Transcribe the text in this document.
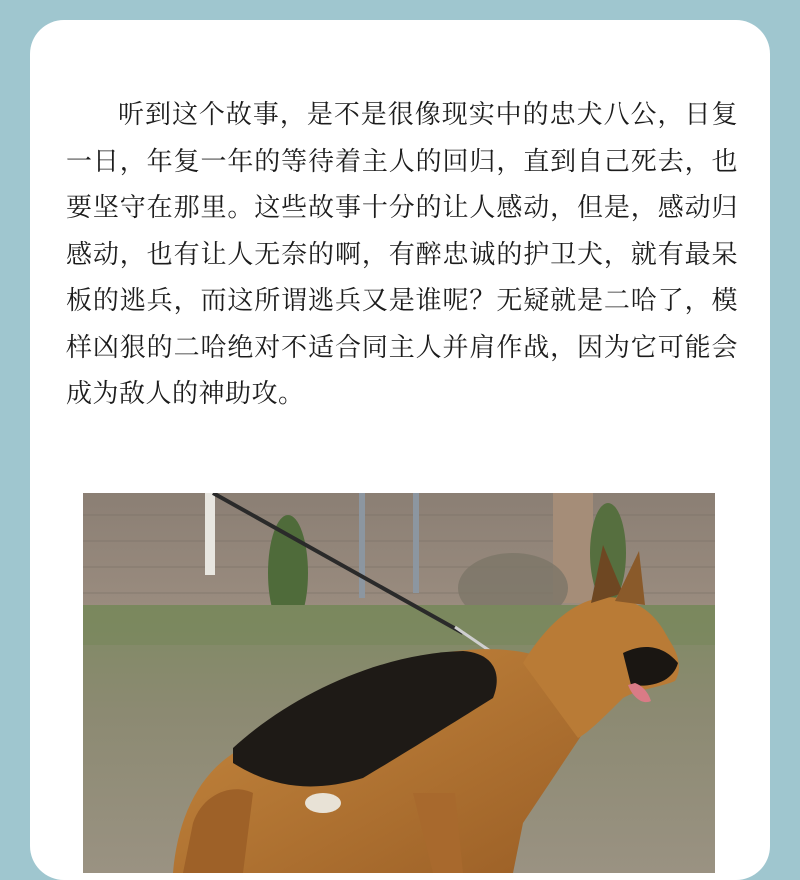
听到这个故事，是不是很像现实中的忠犬八公，日复一日，年复一年的等待着主人的回归，直到自己死去，也要坚守在那里。这些故事十分的让人感动，但是，感动归感动，也有让人无奈的啊，有醉忠诚的护卫犬，就有最呆板的逃兵，而这所谓逃兵又是谁呢？无疑就是二哈了，模样凶狠的二哈绝对不适合同主人并肩作战，因为它可能会成为敌人的神助攻。
